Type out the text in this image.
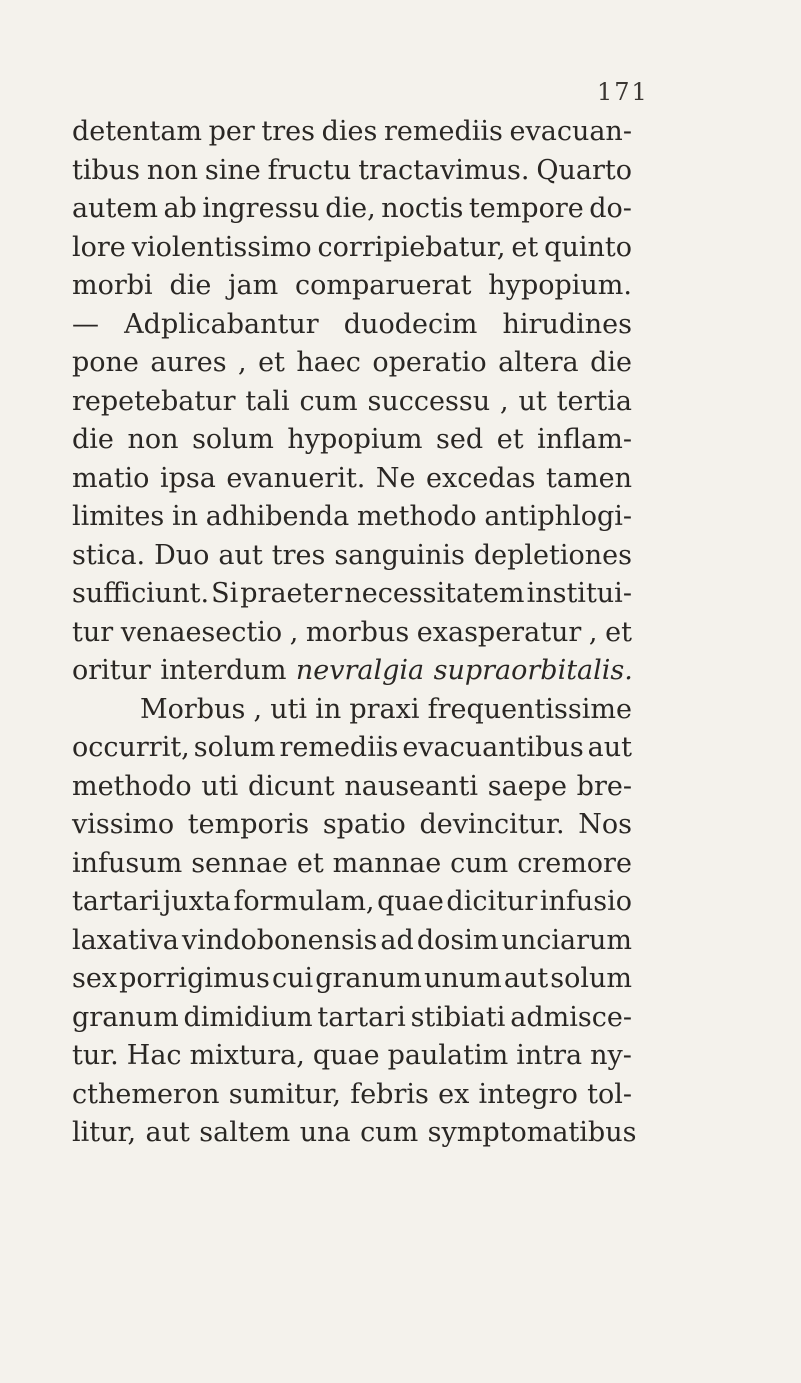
171
detentam per tres dies remediis evacuan-
tibus non sine fructu tractavimus. Quarto
autem ab ingressu die, noctis tempore do-
lore violentissimo corripiebatur, et quinto
morbi die jam comparuerat hypopium.
— Adplicabantur duodecim hirudines
pone aures , et haec operatio altera die
repetebatur tali cum successu , ut tertia
die non solum hypopium sed et inflam-
matio ipsa evanuerit. Ne excedas tamen
limites in adhibenda methodo antiphlogi-
stica. Duo aut tres sanguinis depletiones
sufficiunt. Si praeter necessitatem institui-
tur venaesectio , morbus exasperatur , et
oritur interdum nevralgia supraorbitalis.
Morbus , uti in praxi frequentissime
occurrit, solum remediis evacuantibus aut
methodo uti dicunt nauseanti saepe bre-
vissimo temporis spatio devincitur. Nos
infusum sennae et mannae cum cremore
tartari juxta formulam, quae dicitur infusio
laxativa vindobonensis ad dosim unciarum
sex porrigimus cui granum unum aut solum
granum dimidium tartari stibiati admisce-
tur. Hac mixtura, quae paulatim intra ny-
cthemeron sumitur, febris ex integro tol-
litur, aut saltem una cum symptomatibus
